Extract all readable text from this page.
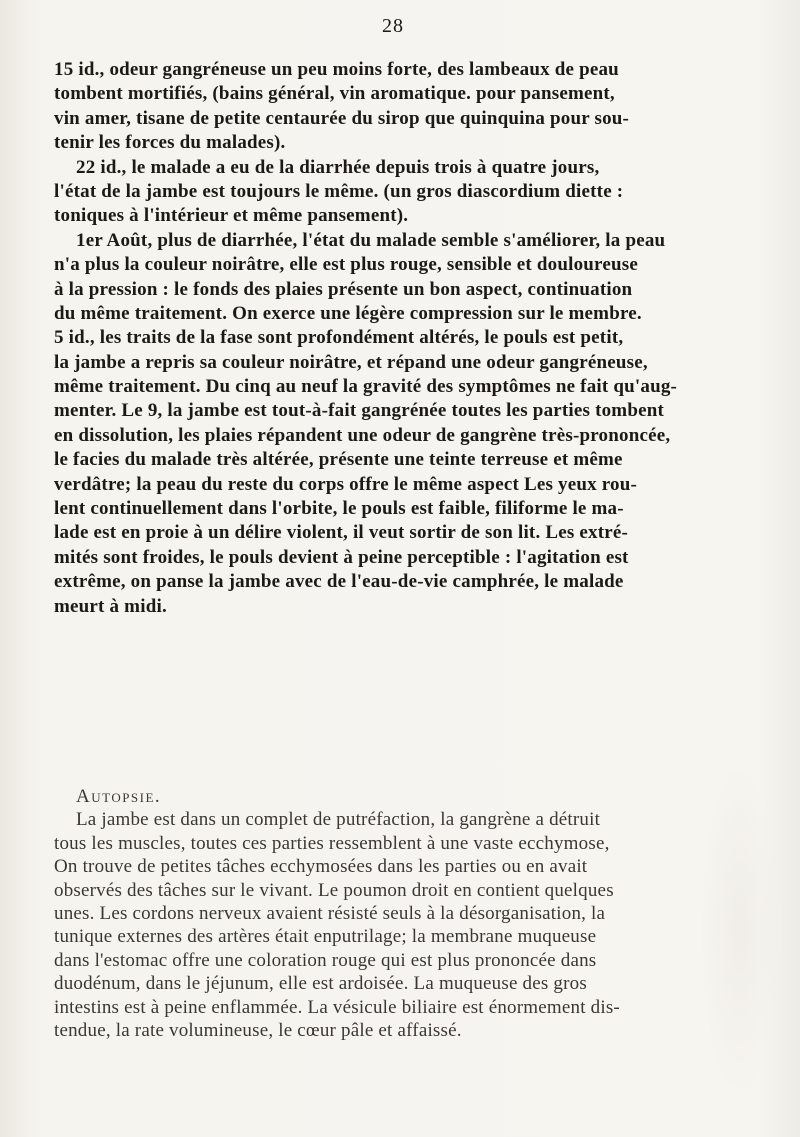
28
15 id., odeur gangréneuse un peu moins forte, des lambeaux de peau
tombent mortifiés, (bains général, vin aromatique. pour pansement,
vin amer, tisane de petite centaurée du sirop que quinquina pour sou-
tenir les forces du malades).
22 id., le malade a eu de la diarrhée depuis trois à quatre jours,
l'état de la jambe est toujours le même. (un gros diascordium diette :
toniques à l'intérieur et même pansement).
1er Août, plus de diarrhée, l'état du malade semble s'améliorer, la peau
n'a plus la couleur noirâtre, elle est plus rouge, sensible et douloureuse
à la pression : le fonds des plaies présente un bon aspect, continuation
du même traitement. On exerce une légère compression sur le membre.
5 id., les traits de la fase sont profondément altérés, le pouls est petit,
la jambe a repris sa couleur noirâtre, et répand une odeur gangréneuse,
même traitement. Du cinq au neuf la gravité des symptômes ne fait qu'aug-
menter. Le 9, la jambe est tout-à-fait gangrénée toutes les parties tombent
en dissolution, les plaies répandent une odeur de gangrène très-prononcée,
le facies du malade très altérée, présente une teinte terreuse et même
verdâtre; la peau du reste du corps offre le même aspect Les yeux rou-
lent continuellement dans l'orbite, le pouls est faible, filiforme le ma-
lade est en proie à un délire violent, il veut sortir de son lit. Les extré-
mités sont froides, le pouls devient à peine perceptible : l'agitation est
extrême, on panse la jambe avec de l'eau-de-vie camphrée, le malade
meurt à midi.
Autopsie.
La jambe est dans un complet de putréfaction, la gangrène a détruit
tous les muscles, toutes ces parties ressemblent à une vaste ecchymose,
On trouve de petites tâches ecchymosées dans les parties ou en avait
observés des tâches sur le vivant. Le poumon droit en contient quelques
unes. Les cordons nerveux avaient résisté seuls à la désorganisation, la
tunique externes des artères était enputrilage; la membrane muqueuse
dans l'estomac offre une coloration rouge qui est plus prononcée dans
duodénum, dans le jéjunum, elle est ardoisée. La muqueuse des gros
intestins est à peine enflammée. La vésicule biliaire est énormement dis-
tendue, la rate volumineuse, le cœur pâle et affaissé.
